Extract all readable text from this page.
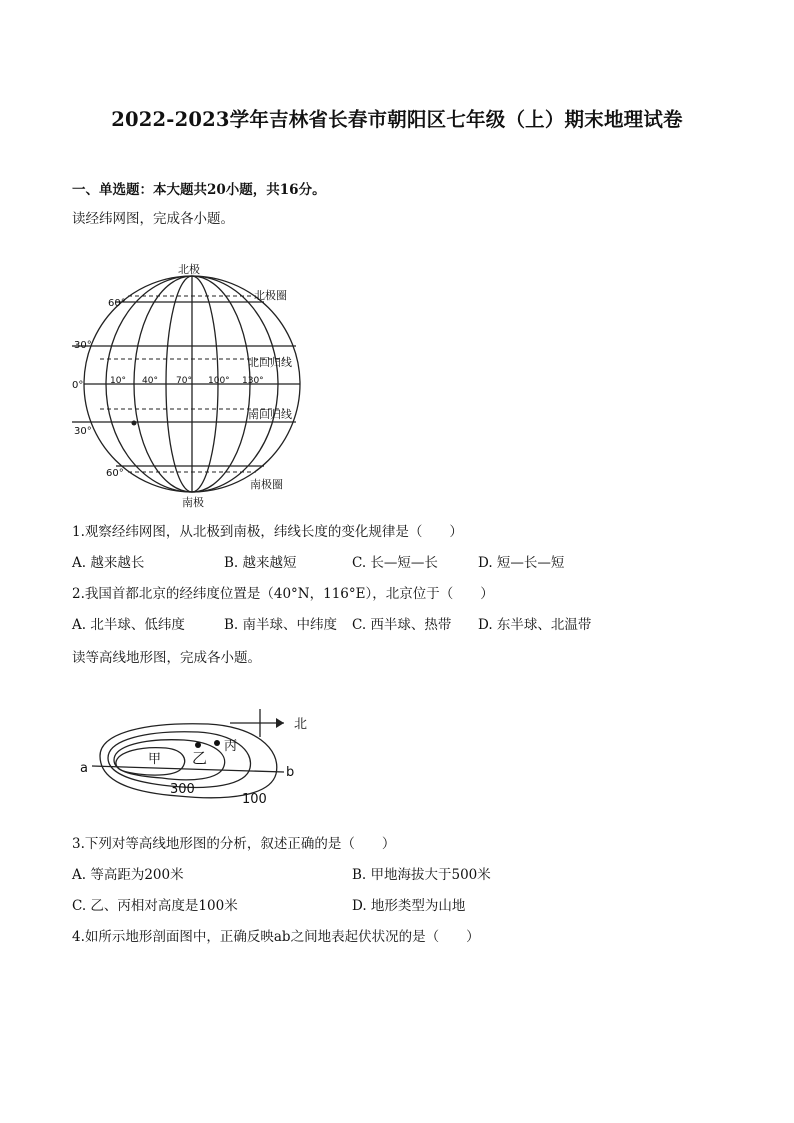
2022-2023学年吉林省长春市朝阳区七年级（上）期末地理试卷
一、单选题：本大题共20小题，共16分。
读经纬网图，完成各小题。
北极
南极
60°
30°
0°
30°
60°
10° 40° 70° 100° 130°
北极圈
北回归线
南回归线
南极圈
1.观察经纬网图，从北极到南极，纬线长度的变化规律是（　　）
A. 越来越长	B. 越来越短	C. 长—短—长	D. 短—长—短
2.我国首都北京的经纬度位置是（40°N，116°E），北京位于（　　）
A. 北半球、低纬度	B. 南半球、中纬度 C. 西半球、热带 D. 东半球、北温带
读等高线地形图，完成各小题。
北
a	b
甲 乙
丙
300
100
3.下列对等高线地形图的分析，叙述正确的是（　　）
A. 等高距为200米	B. 甲地海拔大于500米
C. 乙、丙相对高度是100米	D. 地形类型为山地
4.如所示地形剖面图中，正确反映ab之间地表起伏状况的是（　　）
